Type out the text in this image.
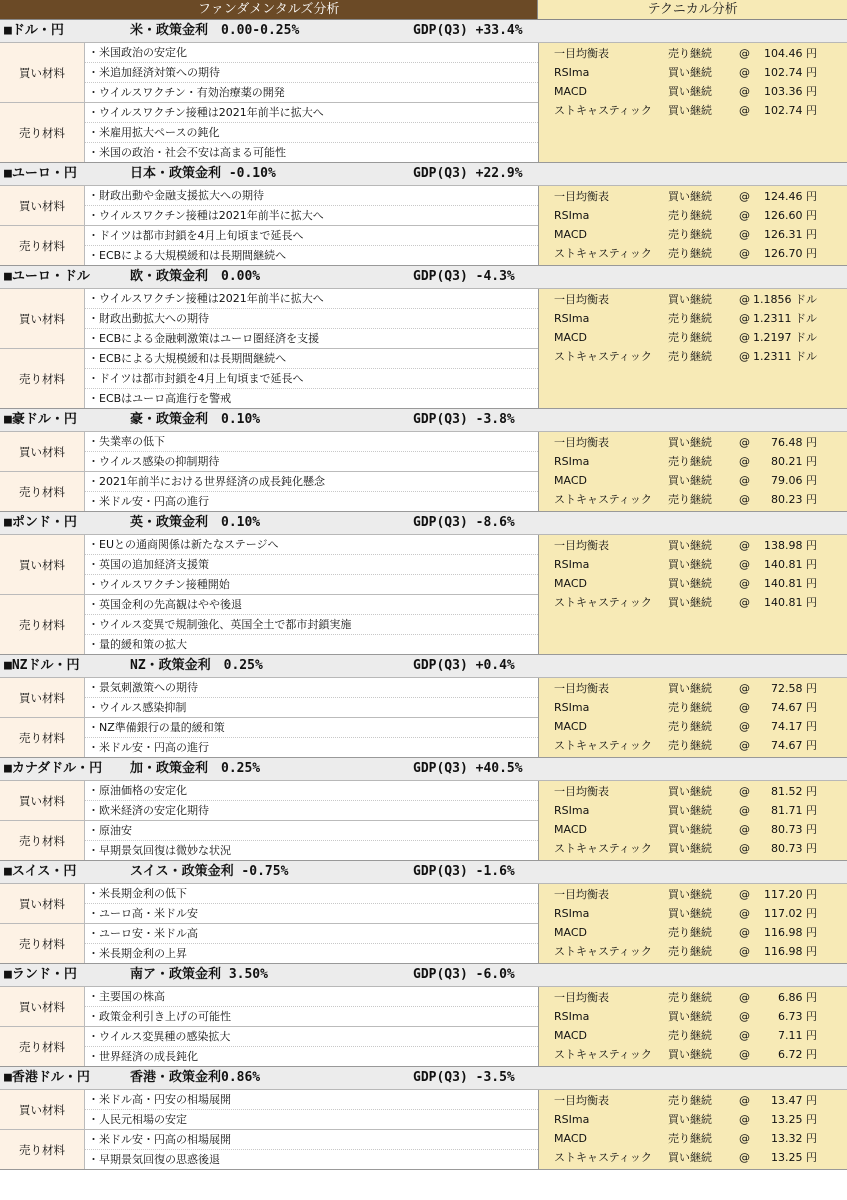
ファンダメンタルズ分析	テクニカル分析
■ドル・円	米・政策金利　0.00-0.25%	GDP(Q3) +33.4%
買い材料
・米国政治の安定化
・米追加経済対策への期待
・ウイルスワクチン・有効治療薬の開発
売り材料
・ウイルスワクチン接種は2021年前半に拡大へ
・米雇用拡大ペースの鈍化
・米国の政治・社会不安は高まる可能性
一目均衡表	売り継続 @ 104.46 円
RSIma	買い継続 @ 102.74 円
MACD	買い継続 @ 103.36 円
ストキャスティック 買い継続 @ 102.74 円
■ユーロ・円	日本・政策金利 -0.10%	GDP(Q3) +22.9%
買い材料
・財政出動や金融支援拡大への期待
・ウイルスワクチン接種は2021年前半に拡大へ
売り材料
・ドイツは都市封鎖を4月上旬頃まで延長へ
・ECBによる大規模緩和は長期間継続へ
一目均衡表	買い継続 @ 124.46 円
RSIma	売り継続 @ 126.60 円
MACD	売り継続 @ 126.31 円
ストキャスティック 売り継続 @ 126.70 円
■ユーロ・ドル	欧・政策金利　0.00%	GDP(Q3) -4.3%
買い材料
・ウイルスワクチン接種は2021年前半に拡大へ
・財政出動拡大への期待
・ECBによる金融刺激策はユーロ圏経済を支援
売り材料
・ECBによる大規模緩和は長期間継続へ
・ドイツは都市封鎖を4月上旬頃まで延長へ
・ECBはユーロ高進行を警戒
一目均衡表	買い継続 @ 1.1856 ドル
RSIma	売り継続 @ 1.2311 ドル
MACD	売り継続 @ 1.2197 ドル
ストキャスティック 売り継続 @ 1.2311 ドル
■豪ドル・円	豪・政策金利　0.10%	GDP(Q3) -3.8%
買い材料
・失業率の低下
・ウイルス感染の抑制期待
売り材料
・2021年前半における世界経済の成長鈍化懸念
・米ドル安・円高の進行
一目均衡表	買い継続 @ 76.48 円
RSIma	売り継続 @ 80.21 円
MACD	買い継続 @ 79.06 円
ストキャスティック 売り継続 @ 80.23 円
■ポンド・円	英・政策金利　0.10%	GDP(Q3) -8.6%
買い材料
・EUとの通商関係は新たなステージへ
・英国の追加経済支援策
・ウイルスワクチン接種開始
売り材料
・英国金利の先高観はやや後退
・ウイルス変異で規制強化、英国全土で都市封鎖実施
・量的緩和策の拡大
一目均衡表	買い継続 @ 138.98 円
RSIma	買い継続 @ 140.81 円
MACD	買い継続 @ 140.81 円
ストキャスティック 買い継続 @ 140.81 円
■NZドル・円	NZ・政策金利　0.25%	GDP(Q3) +0.4%
買い材料
・景気刺激策への期待
・ウイルス感染抑制
売り材料
・NZ準備銀行の量的緩和策
・米ドル安・円高の進行
一目均衡表	買い継続 @ 72.58 円
RSIma	売り継続 @ 74.67 円
MACD	売り継続 @ 74.17 円
ストキャスティック 売り継続 @ 74.67 円
■カナダドル・円 加・政策金利　0.25%	GDP(Q3) +40.5%
買い材料
・原油価格の安定化
・欧米経済の安定化期待
売り材料
・原油安
・早期景気回復は微妙な状況
一目均衡表	買い継続 @ 81.52 円
RSIma	買い継続 @ 81.71 円
MACD	買い継続 @ 80.73 円
ストキャスティック 買い継続 @ 80.73 円
■スイス・円	スイス・政策金利 -0.75%	GDP(Q3) -1.6%
買い材料
・米長期金利の低下
・ユーロ高・米ドル安
売り材料
・ユーロ安・米ドル高
・米長期金利の上昇
一目均衡表	買い継続 @ 117.20 円
RSIma	買い継続 @ 117.02 円
MACD	売り継続 @ 116.98 円
ストキャスティック 売り継続 @ 116.98 円
■ランド・円	南ア・政策金利 3.50%	GDP(Q3) -6.0%
買い材料
・主要国の株高
・政策金利引き上げの可能性
売り材料
・ウイルス変異種の感染拡大
・世界経済の成長鈍化
一目均衡表	売り継続 @	6.86 円
RSIma	買い継続 @	6.73 円
MACD	売り継続 @	7.11 円
ストキャスティック 買い継続 @	6.72 円
■香港ドル・円	香港・政策金利0.86%	GDP(Q3) -3.5%
買い材料
・米ドル高・円安の相場展開
・人民元相場の安定
売り材料
・米ドル安・円高の相場展開
・早期景気回復の思惑後退
一目均衡表	売り継続 @ 13.47 円
RSIma	買い継続 @ 13.25 円
MACD	売り継続 @ 13.32 円
ストキャスティック 買い継続 @ 13.25 円
